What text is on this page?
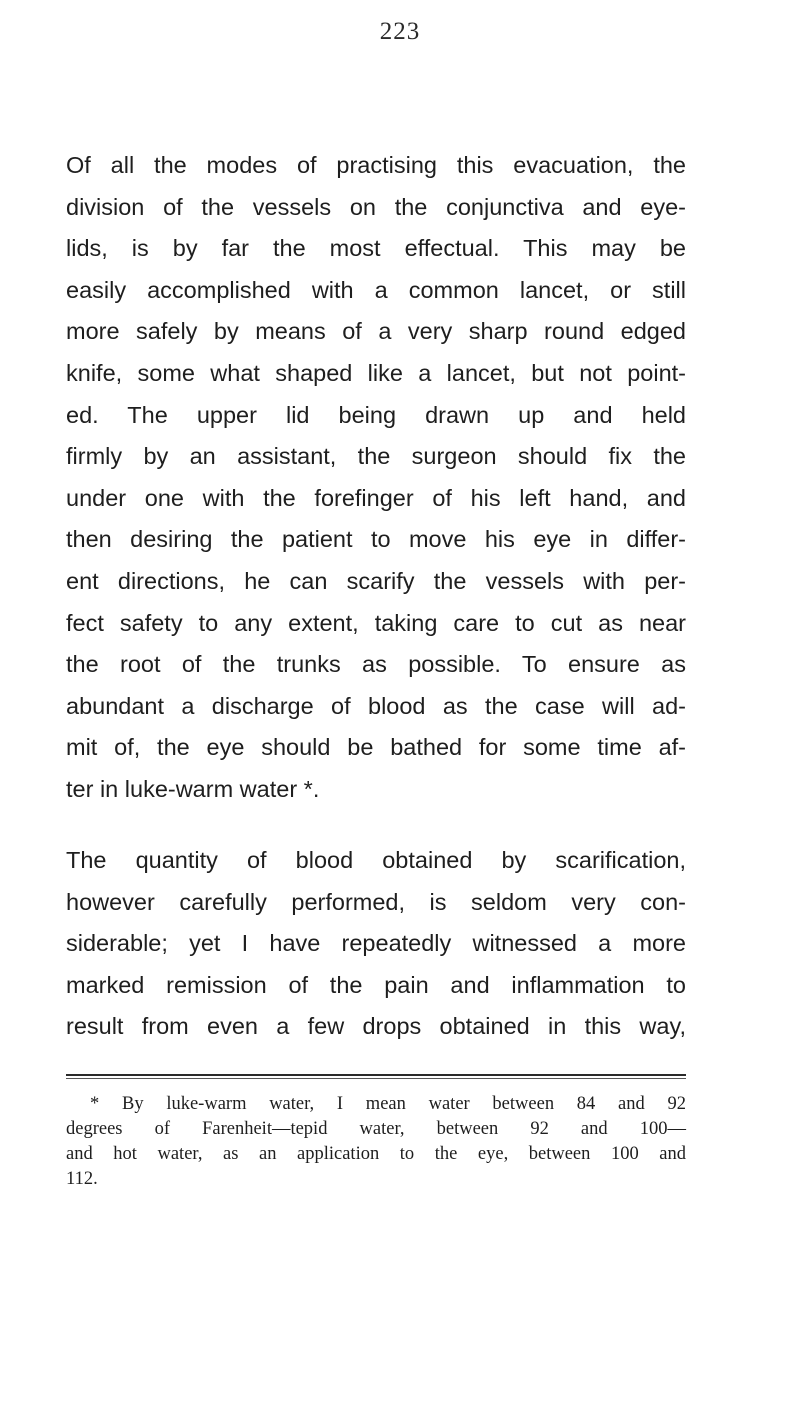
223
Of all the modes of practising this evacuation, the
division of the vessels on the conjunctiva and eye-
lids, is by far the most effectual. This may be
easily accomplished with a common lancet, or still
more safely by means of a very sharp round edged
knife, some what shaped like a lancet, but not point-
ed. The upper lid being drawn up and held
firmly by an assistant, the surgeon should fix the
under one with the forefinger of his left hand, and
then desiring the patient to move his eye in differ-
ent directions, he can scarify the vessels with per-
fect safety to any extent, taking care to cut as near
the root of the trunks as possible. To ensure as
abundant a discharge of blood as the case will ad-
mit of, the eye should be bathed for some time af-
ter in luke-warm water *.
The quantity of blood obtained by scarification,
however carefully performed, is seldom very con-
siderable; yet I have repeatedly witnessed a more
marked remission of the pain and inflammation to
result from even a few drops obtained in this way,
* By luke-warm water, I mean water between 84 and 92
degrees of Farenheit—tepid water, between 92 and 100—
and hot water, as an application to the eye, between 100 and
112.
